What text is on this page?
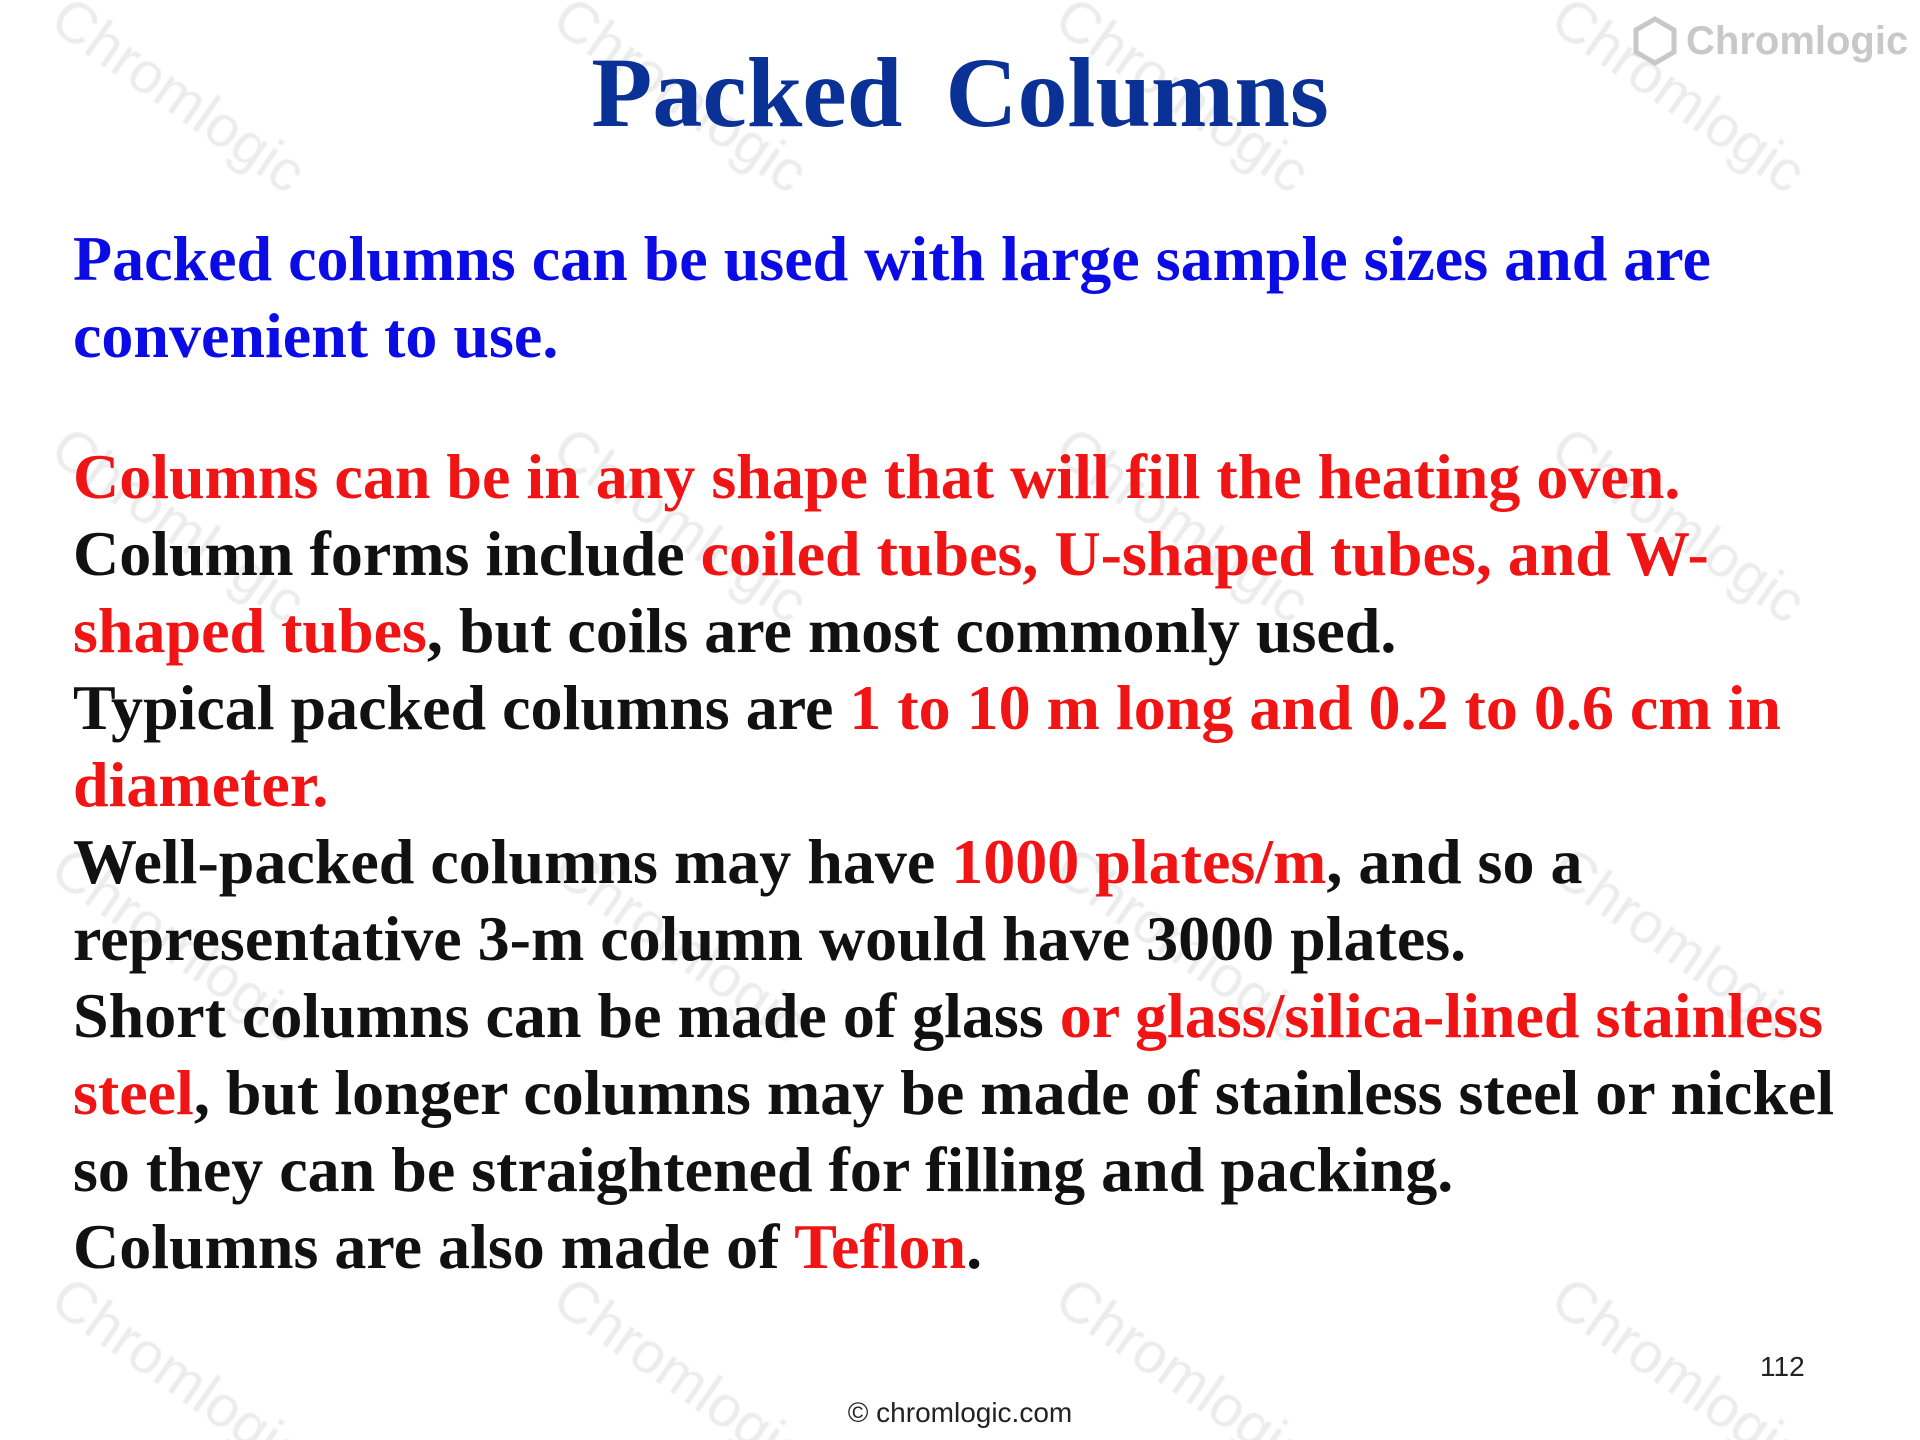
Chromlogic
Packed Columns
Packed columns can be used with large sample sizes and are
convenient to use.
Columns can be in any shape that will fill the heating oven.
Column forms include coiled tubes, U-shaped tubes, and W-
shaped tubes, but coils are most commonly used.
Typical packed columns are 1 to 10 m long and 0.2 to 0.6 cm in
diameter.
Well-packed columns may have 1000 plates/m, and so a
representative 3-m column would have 3000 plates.
Short columns can be made of glass or glass/silica-lined stainless
steel, but longer columns may be made of stainless steel or nickel
so they can be straightened for filling and packing.
Columns are also made of Teflon.
© chromlogic.com
112
